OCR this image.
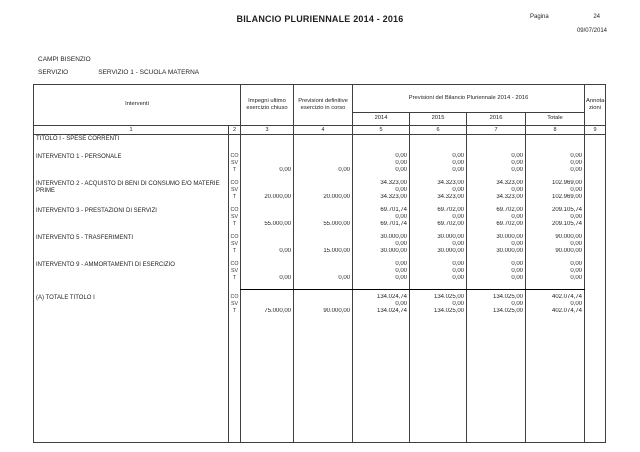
BILANCIO PLURIENNALE 2014 - 2016	Pagina	24
09/07/2014
CAMPI BISENZIO
SERVIZIO	SERVIZIO 1 - SCUOLA MATERNA
Interventi		Impegni ultimo esercizio chiuso	Previsioni definitive esercizio in corso	Previsioni del Bilancio Pluriennale 2014 - 2016				Annota- zioni
				2014	2015	2016	Totale	
1	2	3	4	5	6	7	8	9
TITOLO I - SPESE CORRENTI								

INTERVENTO 1 - PERSONALE	CO			0,00	0,00	0,00	0,00	
	SV			0,00	0,00	0,00	0,00	
	T	0,00	0,00	0,00	0,00	0,00	0,00	

INTERVENTO 2 - ACQUISTO DI BENI DI CONSUMO E/O MATERIE PRIME	CO			34.323,00	34.323,00	34.323,00	102.969,00	
	SV			0,00	0,00	0,00	0,00	
	T	20.000,00	20.000,00	34.323,00	34.323,00	34.323,00	102.969,00	

INTERVENTO 3 - PRESTAZIONI DI SERVIZI	CO			69.701,74	69.702,00	69.702,00	209.105,74	
	SV			0,00	0,00	0,00	0,00	
	T	55.000,00	55.000,00	69.701,74	69.702,00	69.702,00	209.105,74	

INTERVENTO 5 - TRASFERIMENTI	CO			30.000,00	30.000,00	30.000,00	90.000,00	
	SV			0,00	0,00	0,00	0,00	
	T	0,00	15.000,00	30.000,00	30.000,00	30.000,00	90.000,00	

INTERVENTO 9 - AMMORTAMENTI DI ESERCIZIO	CO			0,00	0,00	0,00	0,00	
	SV			0,00	0,00	0,00	0,00	
	T	0,00	0,00	0,00	0,00	0,00	0,00	

(A) TOTALE TITOLO I	CO			134.024,74	134.025,00	134.025,00	402.074,74	
	SV			0,00	0,00	0,00	0,00	
	T	75.000,00	90.000,00	134.024,74	134.025,00	134.025,00	402.074,74	
